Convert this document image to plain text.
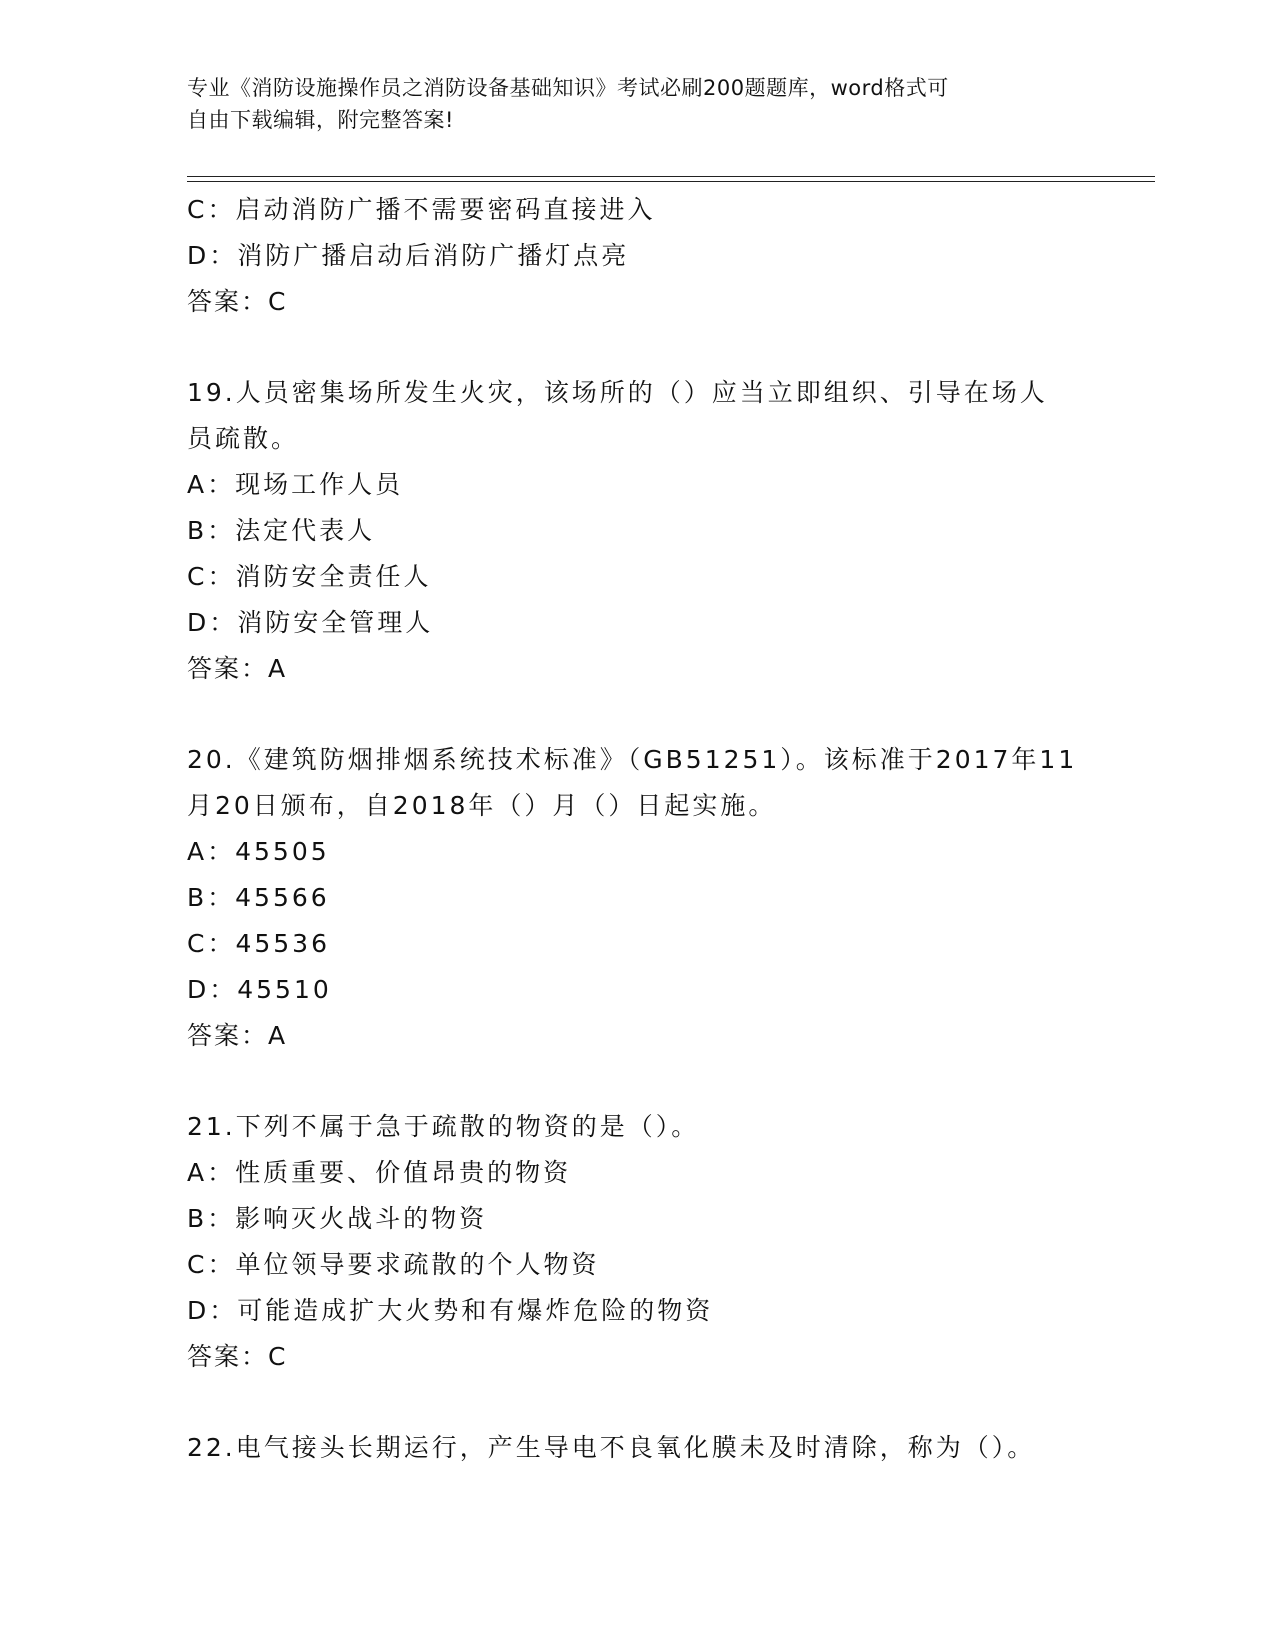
专业《消防设施操作员之消防设备基础知识》考试必刷200题题库，word格式可
自由下载编辑，附完整答案!
C：启动消防广播不需要密码直接进入
D：消防广播启动后消防广播灯点亮
答案：C
19.人员密集场所发生火灾，该场所的（）应当立即组织、引导在场人
员疏散。
A：现场工作人员
B：法定代表人
C：消防安全责任人
D：消防安全管理人
答案：A
20.《建筑防烟排烟系统技术标准》（GB51251）。该标准于2017年11
月20日颁布，自2018年（）月（）日起实施。
A：45505
B：45566
C：45536
D：45510
答案：A
21.下列不属于急于疏散的物资的是（）。
A：性质重要、价值昂贵的物资
B：影响灭火战斗的物资
C：单位领导要求疏散的个人物资
D：可能造成扩大火势和有爆炸危险的物资
答案：C
22.电气接头长期运行，产生导电不良氧化膜未及时清除，称为（）。
